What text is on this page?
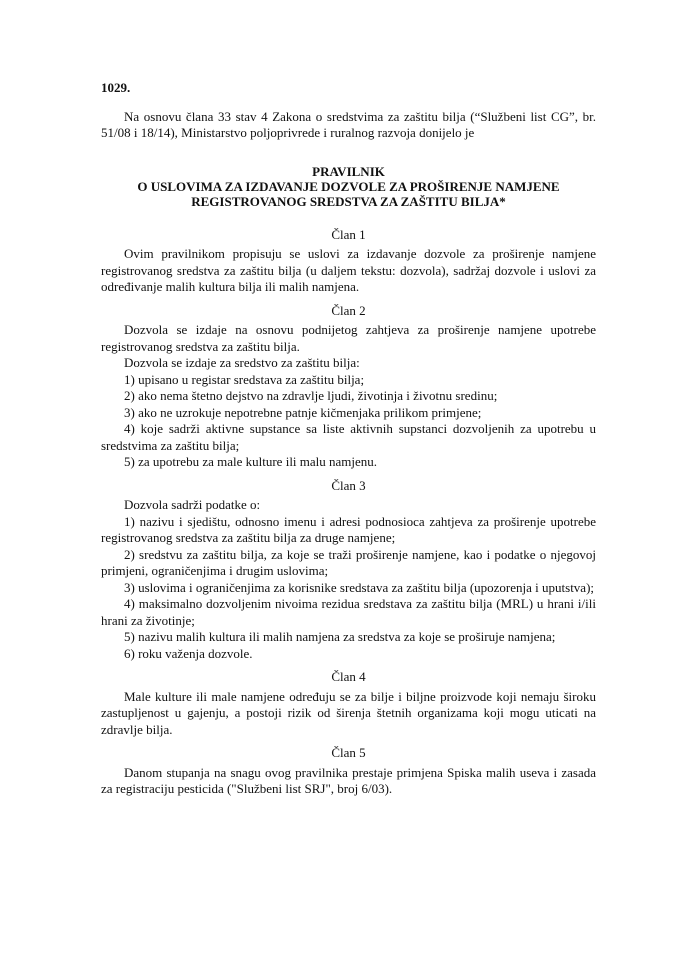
1029.

Na osnovu člana 33 stav 4 Zakona o sredstvima za zaštitu bilja (“Službeni list CG”, br. 51/08 i 18/14), Ministarstvo poljoprivrede i ruralnog razvoja donijelo je

PRAVILNIK
O USLOVIMA ZA IZDAVANJE DOZVOLE ZA PROŠIRENJE NAMJENE
REGISTROVANOG SREDSTVA ZA ZAŠTITU BILJA*
Član 1

Ovim pravilnikom propisuju se uslovi za izdavanje dozvole za proširenje namjene registrovanog sredstva za zaštitu bilja (u daljem tekstu: dozvola), sadržaj dozvole i uslovi za određivanje malih kultura bilja ili malih namjena.

Član 2

Dozvola se izdaje na osnovu podnijetog zahtjeva za proširenje namjene upotrebe registrovanog sredstva za zaštitu bilja.

Dozvola se izdaje za sredstvo za zaštitu bilja:

1) upisano u registar sredstava za zaštitu bilja;

2) ako nema štetno dejstvo na zdravlje ljudi, životinja i životnu sredinu;

3) ako ne uzrokuje nepotrebne patnje kičmenjaka prilikom primjene;

4) koje sadrži aktivne supstance sa liste aktivnih supstanci dozvoljenih za upotrebu u sredstvima za zaštitu bilja;

5) za upotrebu za male kulture ili malu namjenu.

Član 3

Dozvola sadrži podatke o:

1) nazivu i sjedištu, odnosno imenu i adresi podnosioca zahtjeva za proširenje upotrebe registrovanog sredstva za zaštitu bilja za druge namjene;

2) sredstvu za zaštitu bilja, za koje se traži proširenje namjene, kao i podatke o njegovoj primjeni, ograničenjima i drugim uslovima;

3) uslovima i ograničenjima za korisnike sredstava za zaštitu bilja (upozorenja i uputstva);

4) maksimalno dozvoljenim nivoima rezidua sredstava za zaštitu bilja (MRL) u hrani i/ili hrani za životinje;

5) nazivu malih kultura ili malih namjena za sredstva za koje se proširuje namjena;

6) roku važenja dozvole.

Član 4

Male kulture ili male namjene određuju se za bilje i biljne proizvode koji nemaju široku zastupljenost u gajenju, a postoji rizik od širenja štetnih organizama koji mogu uticati na zdravlje bilja.

Član 5

Danom stupanja na snagu ovog pravilnika prestaje primjena Spiska malih useva i zasada za registraciju pesticida ("Službeni list SRJ", broj 6/03).
